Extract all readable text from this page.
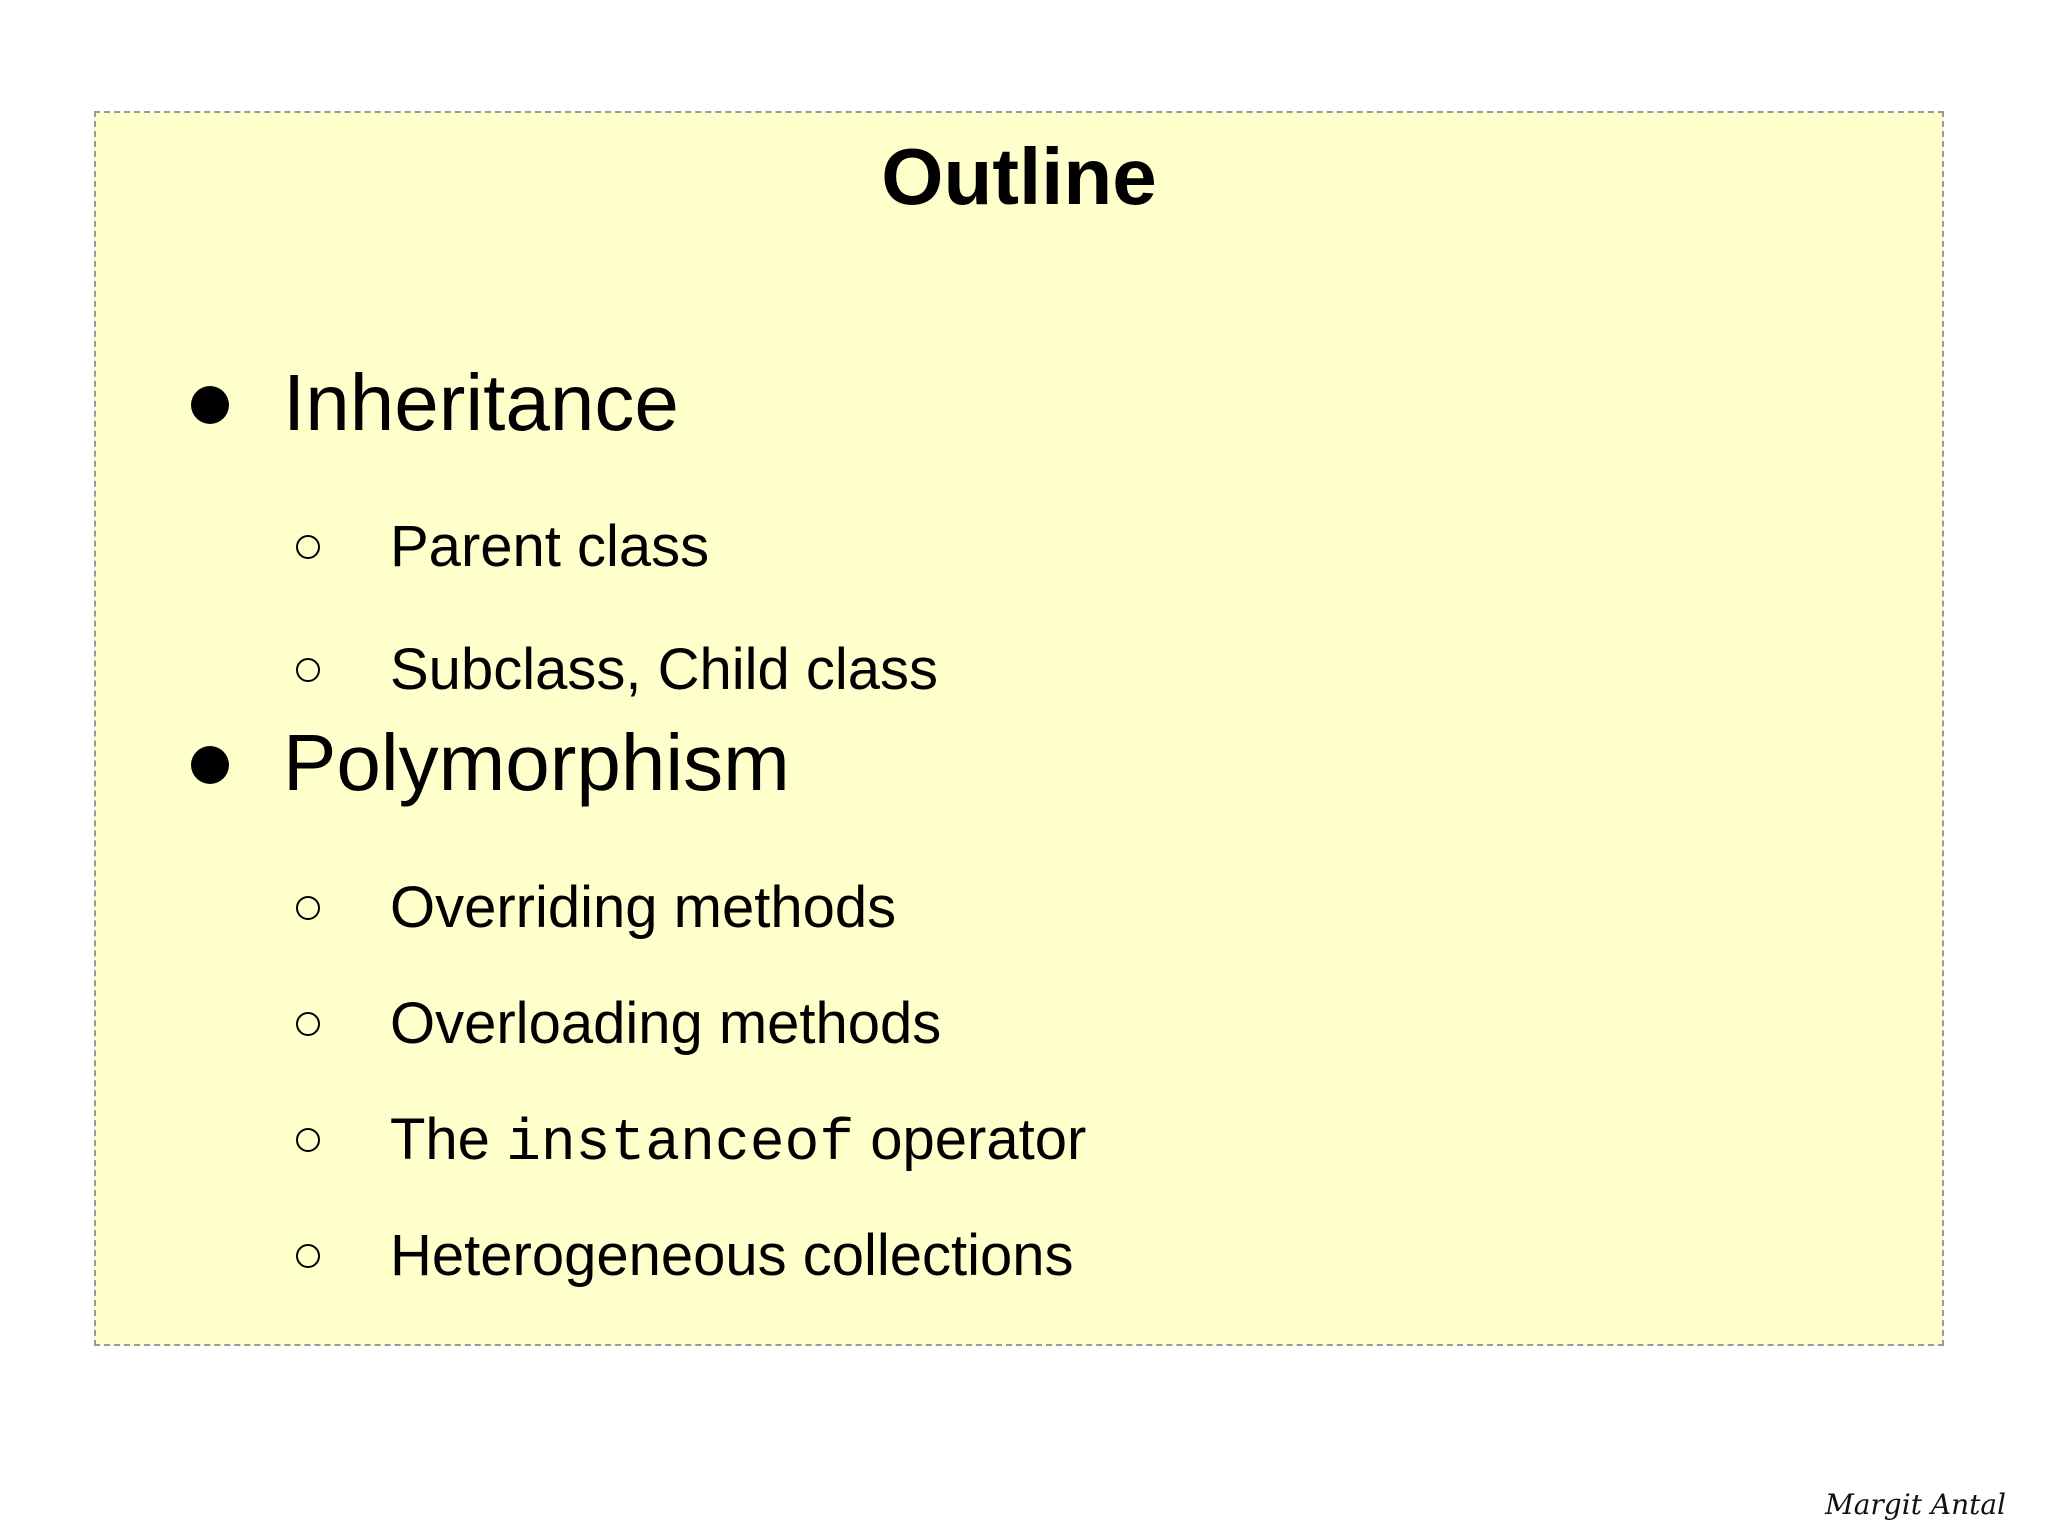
Outline
Inheritance
Parent class
Subclass, Child class
Polymorphism
Overriding methods
Overloading methods
The instanceof operator
Heterogeneous collections
Margit Antal
